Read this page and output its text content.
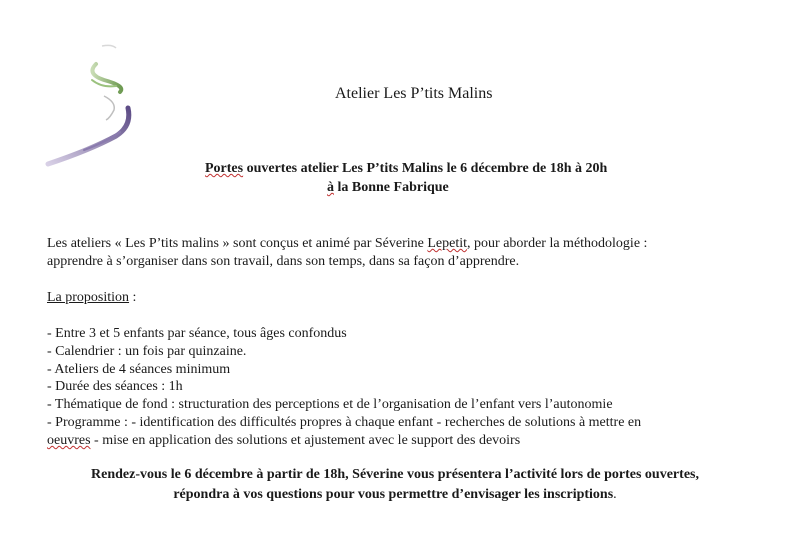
Atelier Les P’tits Malins
Portes ouvertes atelier Les P’tits Malins le 6 décembre de 18h à 20h
à la Bonne Fabrique
Les ateliers « Les P’tits malins » sont conçus et animé par Séverine Lepetit, pour aborder la méthodologie :
apprendre à s’organiser dans son travail, dans son temps, dans sa façon d’apprendre.
La proposition :
- Entre 3 et 5 enfants par séance, tous âges confondus
- Calendrier : un fois par quinzaine.
- Ateliers de 4 séances minimum
- Durée des séances : 1h
- Thématique de fond : structuration des perceptions et de l’organisation de l’enfant vers l’autonomie
- Programme : - identification des difficultés propres à chaque enfant - recherches de solutions à mettre en
oeuvres - mise en application des solutions et ajustement avec le support des devoirs
Rendez-vous le 6 décembre à partir de 18h, Séverine vous présentera l’activité lors de portes ouvertes,
répondra à vos questions pour vous permettre d’envisager les inscriptions.
